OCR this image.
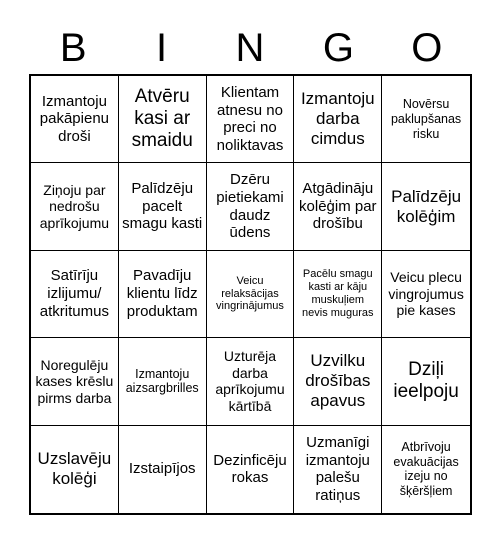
B	I	N	G	O
Izmantoju pakāpienu droši
Atvēru kasi ar smaidu
Klientam atnesu no preci no noliktavas
Izmantoju darba cimdus
Novērsu paklupšanas risku
Ziņoju par nedrošu aprīkojumu
Palīdzēju pacelt smagu kasti
Dzēru pietiekami daudz ūdens
Atgādināju kolēģim par drošību
Palīdzēju kolēģim
Satīrīju izlijumu/ atkritumus
Pavadīju klientu līdz produktam
Veicu relaksācijas vingrinājumus
Pacēlu smagu kasti ar kāju muskuļiem nevis muguras
Veicu plecu vingrojumus pie kases
Noregulēju kases krēslu pirms darba
Izmantoju aizsargbrilles
Uzturēja darba aprīkojumu kārtībā
Uzvilku drošības apavus
Dziļi ieelpoju
Uzslavēju kolēģi
Izstaipījos
Dezinficēju rokas
Uzmanīgi izmantoju palešu ratiņus
Atbrīvoju evakuācijas izeju no šķēršļiem
